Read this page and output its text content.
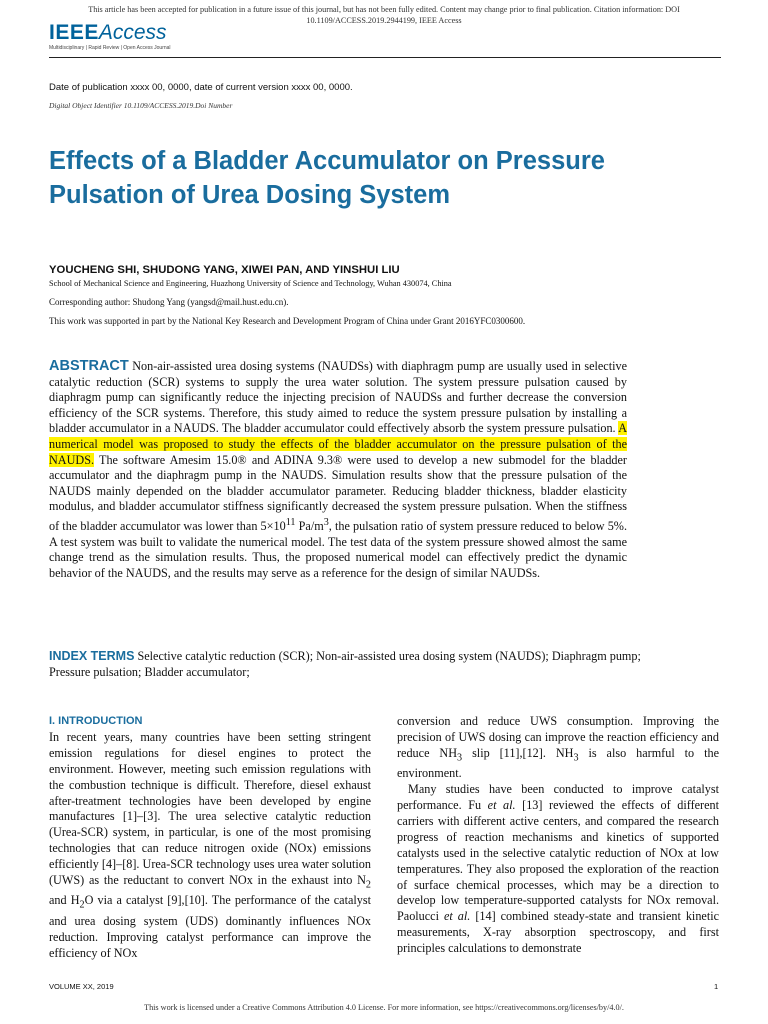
This article has been accepted for publication in a future issue of this journal, but has not been fully edited. Content may change prior to final publication. Citation information: DOI
10.1109/ACCESS.2019.2944199, IEEE Access
IEEEAccess
Multidisciplinary | Rapid Review | Open Access Journal
Date of publication xxxx 00, 0000, date of current version xxxx 00, 0000.
Digital Object Identifier 10.1109/ACCESS.2019.Doi Number
Effects of a Bladder Accumulator on Pressure Pulsation of Urea Dosing System
YOUCHENG SHI, SHUDONG YANG, XIWEI PAN, AND YINSHUI LIU
School of Mechanical Science and Engineering, Huazhong University of Science and Technology, Wuhan 430074, China
Corresponding author: Shudong Yang (yangsd@mail.hust.edu.cn).
This work was supported in part by the National Key Research and Development Program of China under Grant 2016YFC0300600.

ABSTRACT Non-air-assisted urea dosing systems (NAUDSs) with diaphragm pump are usually used in selective catalytic reduction (SCR) systems to supply the urea water solution. The system pressure pulsation caused by diaphragm pump can significantly reduce the injecting precision of NAUDSs and further decrease the conversion efficiency of the SCR systems. Therefore, this study aimed to reduce the system pressure pulsation by installing a bladder accumulator in a NAUDS. The bladder accumulator could effectively absorb the system pressure pulsation. A numerical model was proposed to study the effects of the bladder accumulator on the pressure pulsation of the NAUDS. The software Amesim 15.0® and ADINA 9.3® were used to develop a new submodel for the bladder accumulator and the diaphragm pump in the NAUDS. Simulation results show that the pressure pulsation of the NAUDS mainly depended on the bladder accumulator parameter. Reducing bladder thickness, bladder elasticity modulus, and bladder accumulator stiffness significantly decreased the system pressure pulsation. When the stiffness of the bladder accumulator was lower than $5\times 10^{11}$ $Pa/m^3$, the pulsation ratio of system pressure reduced to below 5%. A test system was built to validate the numerical model. The test data of the system pressure showed almost the same change trend as the simulation results. Thus, the proposed numerical model can effectively predict the dynamic behavior of the NAUDS, and the results may serve as a reference for the design of similar NAUDSs.

INDEX TERMS Selective catalytic reduction (SCR); Non-air-assisted urea dosing system (NAUDS); Diaphragm pump; Pressure pulsation; Bladder accumulator;

I. INTRODUCTION

In recent years, many countries have been setting stringent emission regulations for diesel engines to protect the environment. However, meeting such emission regulations with the combustion technique is difficult. Therefore, diesel exhaust after-treatment technologies have been developed by engine manufactures [1]–[3]. The urea selective catalytic reduction (Urea-SCR) system, in particular, is one of the most promising technologies that can reduce nitrogen oxide (NOx) emissions efficiently [4]–[8]. Urea-SCR technology uses urea water solution (UWS) as the reductant to convert NOx in the exhaust into $N_2$ and $H_2O$ via a catalyst [9],[10]. The performance of the catalyst and urea dosing system (UDS) dominantly influences NOx reduction. Improving catalyst performance can improve the efficiency of NOx

conversion and reduce UWS consumption. Improving the precision of UWS dosing can improve the reaction efficiency and reduce $NH_3$ slip [11],[12]. $NH_3$ is also harmful to the environment.

Many studies have been conducted to improve catalyst performance. Fu et al. [13] reviewed the effects of different carriers with different active centers, and compared the research progress of reaction mechanisms and kinetics of supported catalysts used in the selective catalytic reduction of NOx at low temperatures. They also proposed the exploration of the reaction of surface chemical processes, which may be a direction to develop low temperature-supported catalysts for NOx removal. Paolucci et al. [14] combined steady-state and transient kinetic measurements, X-ray absorption spectroscopy, and first principles calculations to demonstrate

VOLUME XX, 2019	1
This work is licensed under a Creative Commons Attribution 4.0 License. For more information, see https://creativecommons.org/licenses/by/4.0/.
